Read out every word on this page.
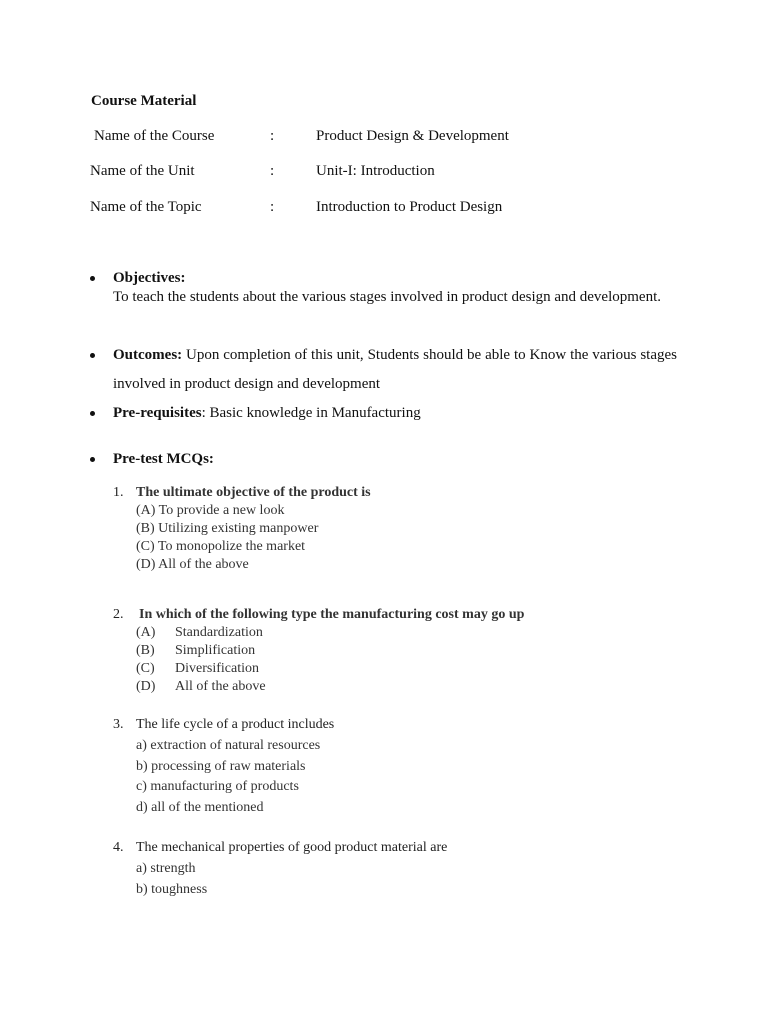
Course Material
Name of the Course	:	Product Design & Development
Name of the Unit	:	Unit-I: Introduction
Name of the Topic	:	Introduction to Product Design
Objectives:
To teach the students about the various stages involved in product design and development.
Outcomes: Upon completion of this unit, Students should be able to Know the various stages involved in product design and development
Pre-requisites: Basic knowledge in Manufacturing
Pre-test MCQs:
1. The ultimate objective of the product is
(A) To provide a new look
(B) Utilizing existing manpower
(C) To monopolize the market
(D) All of the above
2. In which of the following type the manufacturing cost may go up
(A) Standardization
(B) Simplification
(C) Diversification
(D) All of the above
3. The life cycle of a product includes
a) extraction of natural resources
b) processing of raw materials
c) manufacturing of products
d) all of the mentioned
4. The mechanical properties of good product material are
a) strength
b) toughness
